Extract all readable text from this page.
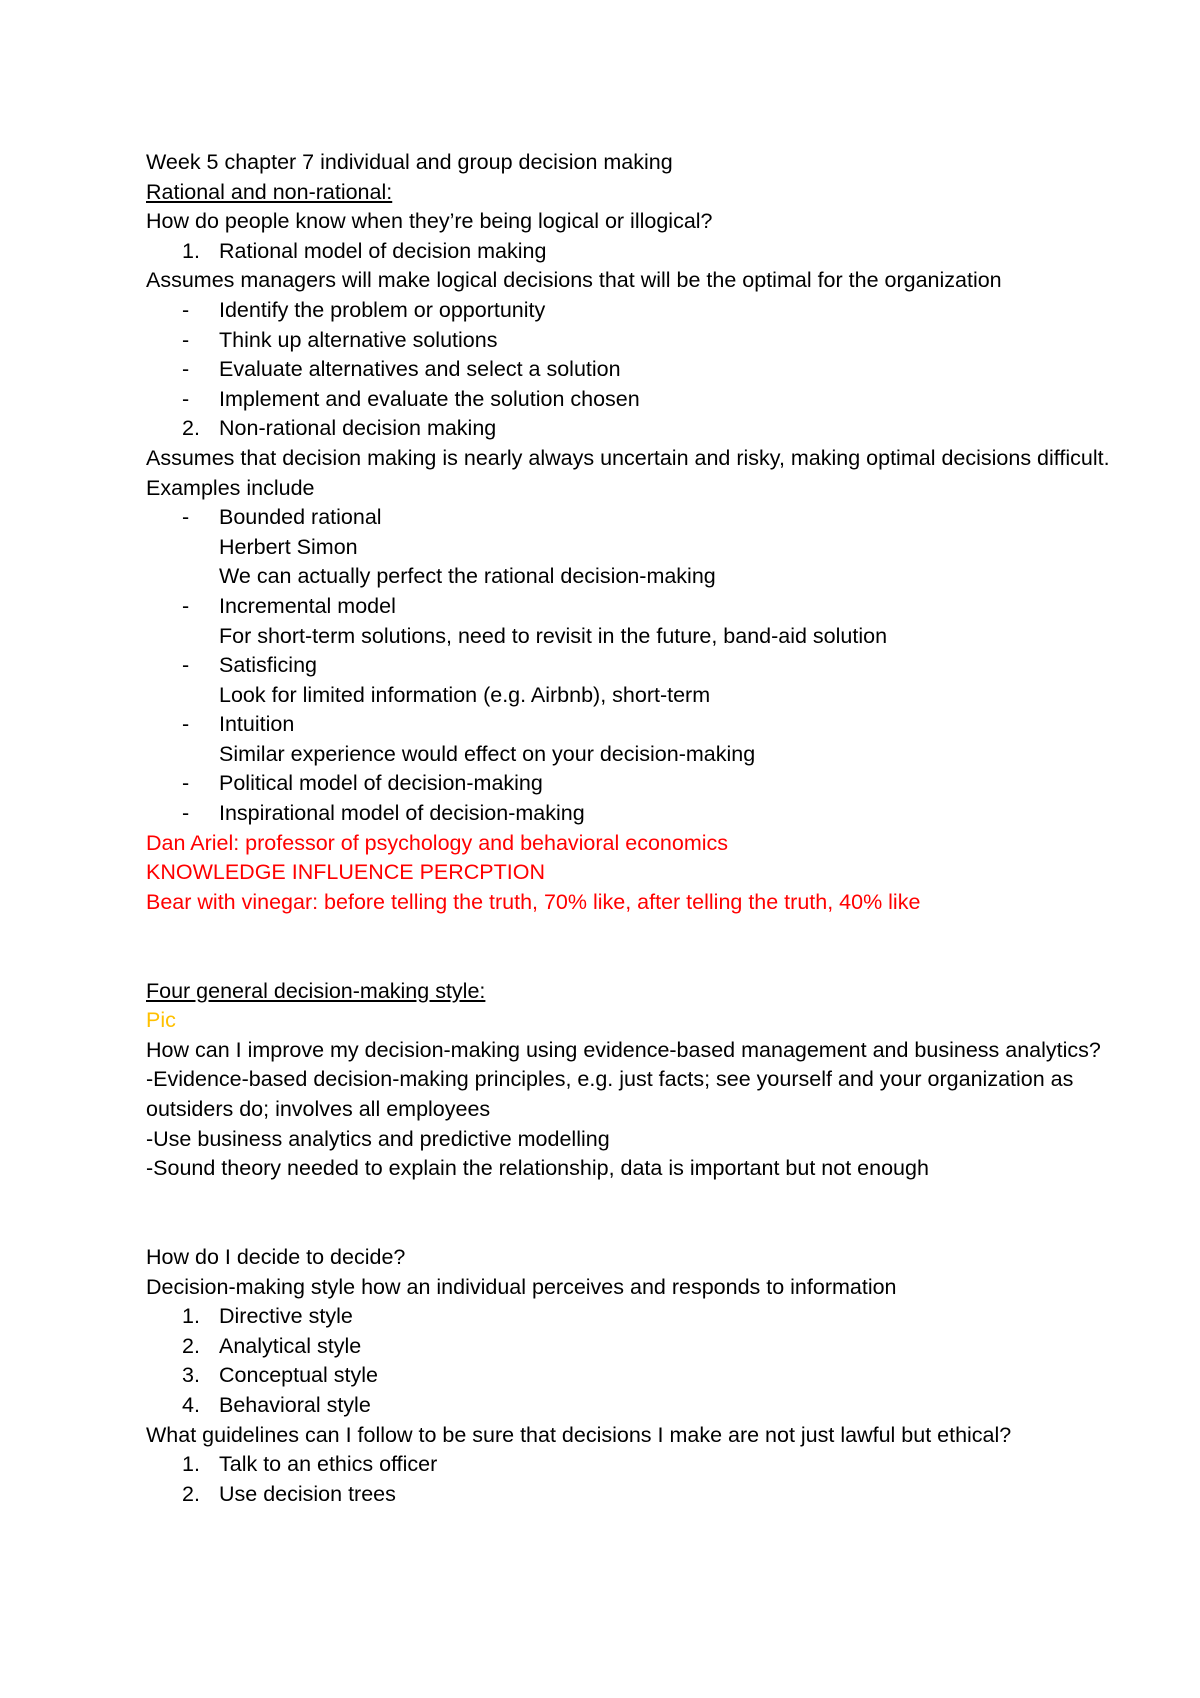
Week 5 chapter 7 individual and group decision making
Rational and non-rational:
How do people know when they’re being logical or illogical?
1. Rational model of decision making
Assumes managers will make logical decisions that will be the optimal for the organization
- Identify the problem or opportunity
- Think up alternative solutions
- Evaluate alternatives and select a solution
- Implement and evaluate the solution chosen
2. Non-rational decision making
Assumes that decision making is nearly always uncertain and risky, making optimal decisions difficult. Examples include
- Bounded rational
Herbert Simon
We can actually perfect the rational decision-making
- Incremental model
For short-term solutions, need to revisit in the future, band-aid solution
- Satisficing
Look for limited information (e.g. Airbnb), short-term
- Intuition
Similar experience would effect on your decision-making
- Political model of decision-making
- Inspirational model of decision-making
Dan Ariel: professor of psychology and behavioral economics
KNOWLEDGE INFLUENCE PERCPTION
Bear with vinegar: before telling the truth, 70% like, after telling the truth, 40% like
Four general decision-making style:
Pic
How can I improve my decision-making using evidence-based management and business analytics?
-Evidence-based decision-making principles, e.g. just facts; see yourself and your organization as outsiders do; involves all employees
-Use business analytics and predictive modelling
-Sound theory needed to explain the relationship, data is important but not enough
How do I decide to decide?
Decision-making style how an individual perceives and responds to information
1. Directive style
2. Analytical style
3. Conceptual style
4. Behavioral style
What guidelines can I follow to be sure that decisions I make are not just lawful but ethical?
1. Talk to an ethics officer
2. Use decision trees
